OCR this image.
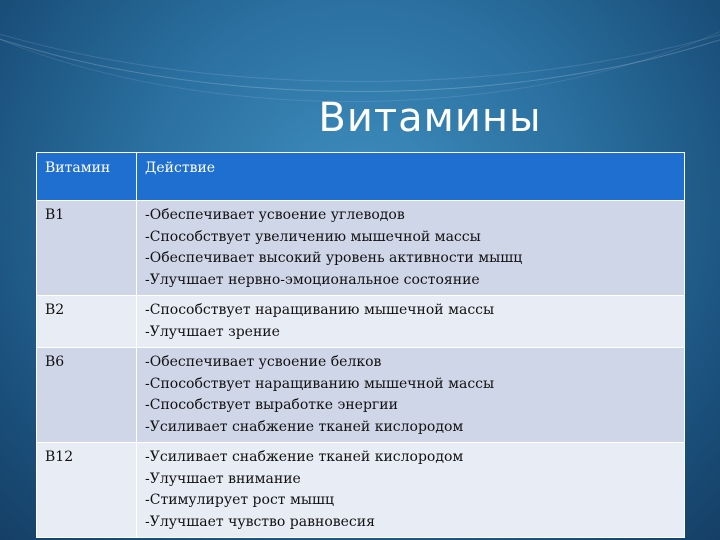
Витамины
Витамин	Действие

B1	-Обеспечивает усвоение углеводов
-Способствует увеличению мышечной массы
-Обеспечивает высокий уровень активности мышц
-Улучшает нервно-эмоциональное состояние

B2	-Способствует наращиванию мышечной массы
-Улучшает зрение

B6	-Обеспечивает усвоение белков
-Способствует наращиванию мышечной массы
-Способствует выработке энергии
-Усиливает снабжение тканей кислородом

B12	-Усиливает снабжение тканей кислородом
-Улучшает внимание
-Стимулирует рост мышц
-Улучшает чувство равновесия
